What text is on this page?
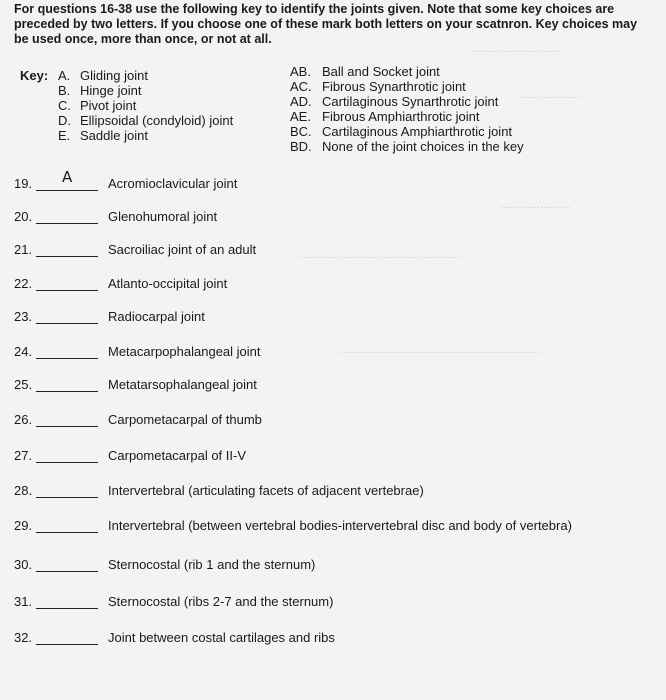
………………………
………………
…………………
…………………………………………
……………………………………………………
For questions 16-38 use the following key to identify the joints given. Note that some key choices are preceded by two letters. If you choose one of these mark both letters on your scatnron. Key choices may be used once, more than once, or not at all.
Key: A. Gliding joint
B. Hinge joint
C. Pivot joint
D. Ellipsoidal (condyloid) joint
E. Saddle joint
AB. Ball and Socket joint
AC. Fibrous Synarthrotic joint
AD. Cartilaginous Synarthrotic joint
AE. Fibrous Amphiarthrotic joint
BC. Cartilaginous Amphiarthrotic joint
BD. None of the joint choices in the key
19. A	Acromioclavicular joint
20.	Glenohumoral joint
21.	Sacroiliac joint of an adult
22.	Atlanto-occipital joint
23.	Radiocarpal joint
24.	Metacarpophalangeal joint
25.	Metatarsophalangeal joint
26.	Carpometacarpal of thumb
27.	Carpometacarpal of II-V
28.	Intervertebral (articulating facets of adjacent vertebrae)
29.	Intervertebral (between vertebral bodies-intervertebral disc and body of vertebra)
30.	Sternocostal (rib 1 and the sternum)
31.	Sternocostal (ribs 2-7 and the sternum)
32.	Joint between costal cartilages and ribs
